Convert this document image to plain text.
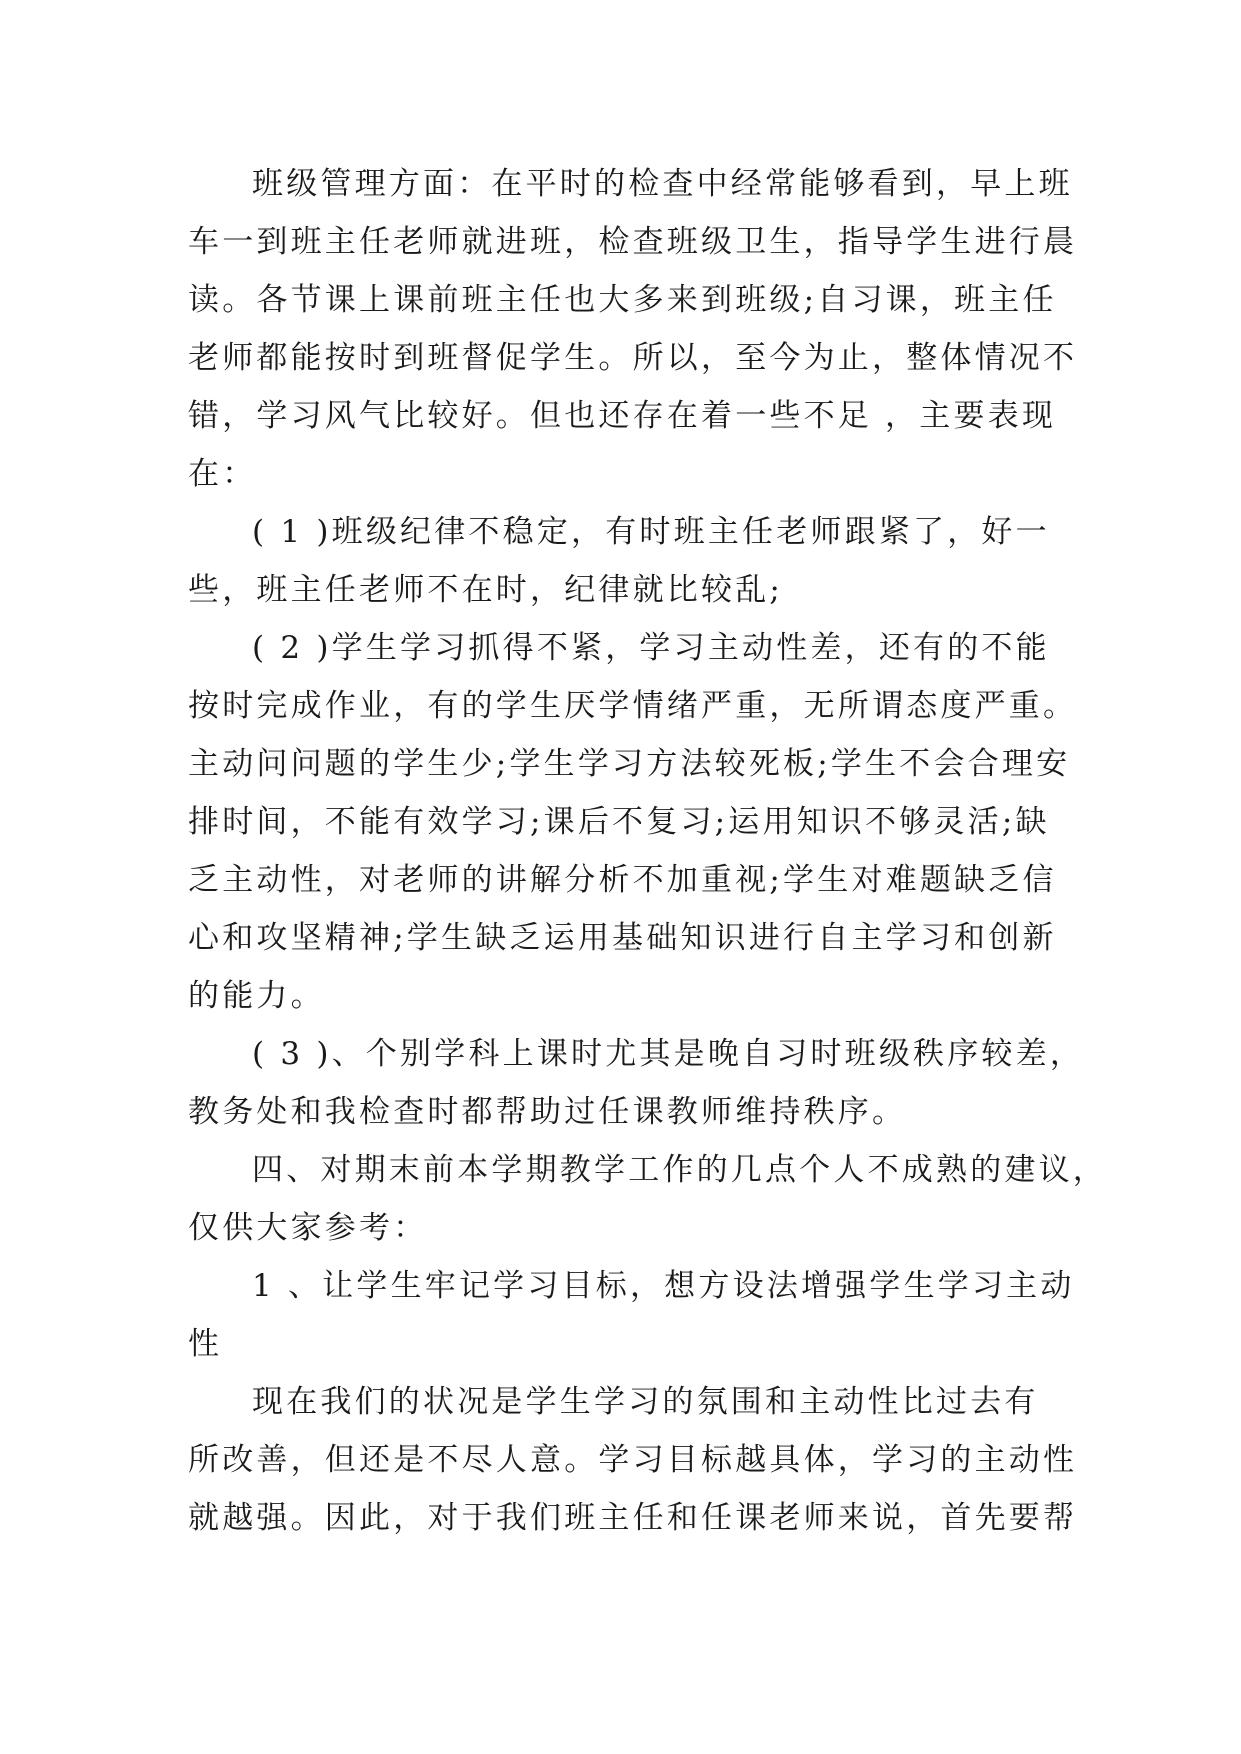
班级管理方面：在平时的检查中经常能够看到，早上班
车一到班主任老师就进班，检查班级卫生，指导学生进行晨
读。各节课上课前班主任也大多来到班级;自习课，班主任
老师都能按时到班督促学生。所以，至今为止，整体情况不
错，学习风气比较好。但也还存在着一些不足 ，主要表现
在：
( 1 )班级纪律不稳定，有时班主任老师跟紧了，好一
些，班主任老师不在时，纪律就比较乱;
( 2 )学生学习抓得不紧，学习主动性差，还有的不能
按时完成作业，有的学生厌学情绪严重，无所谓态度严重。
主动问问题的学生少;学生学习方法较死板;学生不会合理安
排时间，不能有效学习;课后不复习;运用知识不够灵活;缺
乏主动性，对老师的讲解分析不加重视;学生对难题缺乏信
心和攻坚精神;学生缺乏运用基础知识进行自主学习和创新
的能力。
( 3 )、个别学科上课时尤其是晚自习时班级秩序较差，
教务处和我检查时都帮助过任课教师维持秩序。
四、对期末前本学期教学工作的几点个人不成熟的建议，
仅供大家参考：
1 、让学生牢记学习目标，想方设法增强学生学习主动
性
现在我们的状况是学生学习的氛围和主动性比过去有
所改善，但还是不尽人意。学习目标越具体，学习的主动性
就越强。因此，对于我们班主任和任课老师来说，首先要帮
